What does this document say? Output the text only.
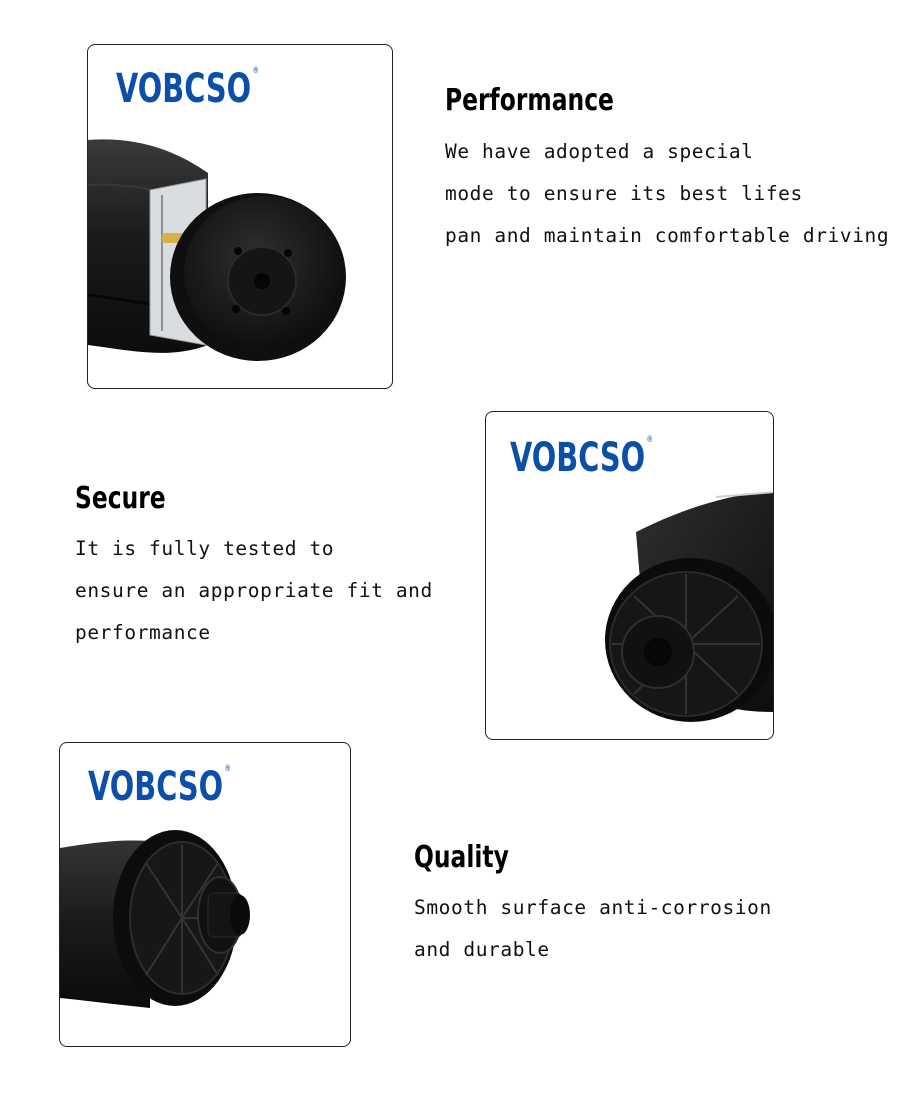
VOBCSO®
Performance

We have adopted a special

mode to ensure its best lifes

pan and maintain comfortable driving

VOBCSO®
Secure

It is fully tested to

ensure an appropriate fit and

performance

VOBCSO®
Quality

Smooth surface anti-corrosion

and durable
